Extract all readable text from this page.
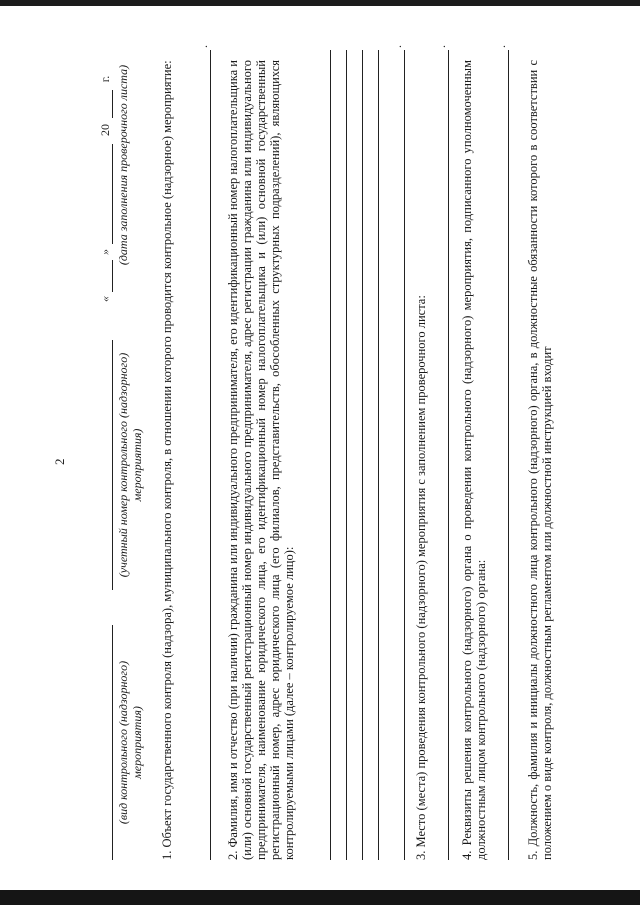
2
(вид контрольного (надзорного) мероприятия)
(учетный номер контрольного (надзорного) мероприятия)
«
»
20
г. (дата заполнения проверочного листа) 1. Объект государственного контроля (надзора), муниципального контроля, в отношении которого проводится контрольное (надзорное) мероприятие:
.
2. Фамилия, имя и отчество (при наличии) гражданина или индивидуального предпринимателя, его идентификационный номер налогоплательщика и (или) основной государственный регистрационный номер индивидуального предпринимателя, адрес регистрации гражданина или индивидуального предпринимателя, наименование юридического лица, его идентификационный номер налогоплательщика и (или) основной государственный регистрационный номер, адрес юридического лица (его филиалов, представительств, обособленных структурных подразделений), являющихся контролируемыми лицами (далее – контролируемое лицо):
.
3. Место (места) проведения контрольного (надзорного) мероприятия с заполнением проверочного листа:
.
4. Реквизиты решения контрольного (надзорного) органа о проведении контрольного (надзорного) мероприятия, подписанного уполномоченным должностным лицом контрольного (надзорного) органа:
.
5. Должность, фамилия и инициалы должностного лица контрольного (надзорного) органа, в должностные обязанности которого в соответствии с положением о виде контроля, должностным регламентом или должностной инструкцией входит
